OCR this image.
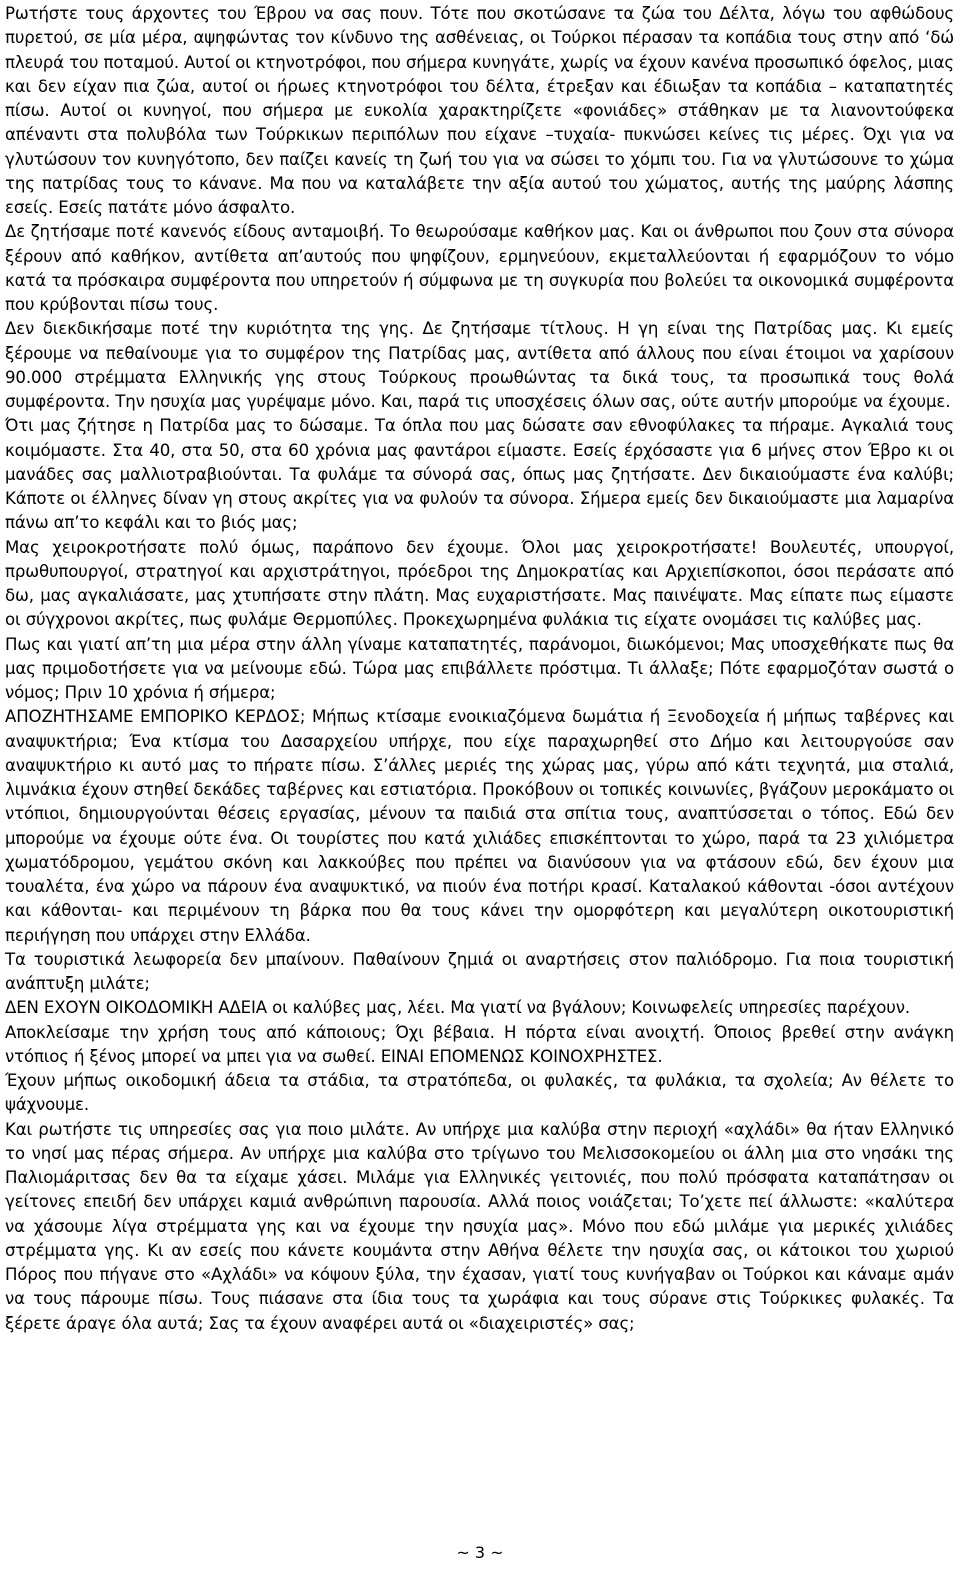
Ρωτήστε τους άρχοντες του Έβρου να σας πουν. Τότε που σκοτώσανε τα ζώα του Δέλτα, λόγω του αφθώδους πυρετού, σε μία μέρα, αψηφώντας τον κίνδυνο της ασθένειας, οι Τούρκοι πέρασαν τα κοπάδια τους στην από ‘δώ πλευρά του ποταμού. Αυτοί οι κτηνοτρόφοι, που σήμερα κυνηγάτε, χωρίς να έχουν κανένα προσωπικό όφελος, μιας και δεν είχαν πια ζώα, αυτοί οι ήρωες κτηνοτρόφοι του δέλτα, έτρεξαν και έδιωξαν τα κοπάδια – καταπατητές πίσω. Αυτοί οι κυνηγοί, που σήμερα με ευκολία χαρακτηρίζετε «φονιάδες» στάθηκαν με τα λιανοντούφεκα απέναντι στα πολυβόλα των Τούρκικων περιπόλων που είχανε –τυχαία- πυκνώσει κείνες τις μέρες. Όχι για να γλυτώσουν τον κυνηγότοπο, δεν παίζει κανείς τη ζωή του για να σώσει το χόμπι του. Για να γλυτώσουνε το χώμα της πατρίδας τους το κάνανε. Μα που να καταλάβετε την αξία αυτού του χώματος, αυτής της μαύρης λάσπης εσείς. Εσείς πατάτε μόνο άσφαλτο.

Δε ζητήσαμε ποτέ κανενός είδους ανταμοιβή. Το θεωρούσαμε καθήκον μας. Και οι άνθρωποι που ζουν στα σύνορα ξέρουν από καθήκον, αντίθετα απ’αυτούς που ψηφίζουν, ερμηνεύουν, εκμεταλλεύονται ή εφαρμόζουν το νόμο κατά τα πρόσκαιρα συμφέροντα που υπηρετούν ή σύμφωνα με τη συγκυρία που βολεύει τα οικονομικά συμφέροντα που κρύβονται πίσω τους.

Δεν διεκδικήσαμε ποτέ την κυριότητα της γης. Δε ζητήσαμε τίτλους. Η γη είναι της Πατρίδας μας. Κι εμείς ξέρουμε να πεθαίνουμε για το συμφέρον της Πατρίδας μας, αντίθετα από άλλους που είναι έτοιμοι να χαρίσουν 90.000 στρέμματα Ελληνικής γης στους Τούρκους προωθώντας τα δικά τους, τα προσωπικά τους θολά συμφέροντα. Την ησυχία μας γυρέψαμε μόνο. Και, παρά τις υποσχέσεις όλων σας, ούτε αυτήν μπορούμε να έχουμε.

Ότι μας ζήτησε η Πατρίδα μας το δώσαμε. Τα όπλα που μας δώσατε σαν εθνοφύλακες τα πήραμε. Αγκαλιά τους κοιμόμαστε. Στα 40, στα 50, στα 60 χρόνια μας φαντάροι είμαστε. Εσείς έρχόσαστε για 6 μήνες στον Έβρο κι οι μανάδες σας μαλλιοτραβιούνται. Τα φυλάμε τα σύνορά σας, όπως μας ζητήσατε. Δεν δικαιούμαστε ένα καλύβι; Κάποτε οι έλληνες δίναν γη στους ακρίτες για να φυλούν τα σύνορα. Σήμερα εμείς δεν δικαιούμαστε μια λαμαρίνα πάνω απ’το κεφάλι και το βιός μας;

Μας χειροκροτήσατε πολύ όμως, παράπονο δεν έχουμε. Όλοι μας χειροκροτήσατε! Βουλευτές, υπουργοί, πρωθυπουργοί, στρατηγοί και αρχιστράτηγοι, πρόεδροι της Δημοκρατίας και Αρχιεπίσκοποι, όσοι περάσατε από δω, μας αγκαλιάσατε, μας χτυπήσατε στην πλάτη. Μας ευχαριστήσατε. Μας παινέψατε. Μας είπατε πως είμαστε οι σύγχρονοι ακρίτες, πως φυλάμε Θερμοπύλες. Προκεχωρημένα φυλάκια τις είχατε ονομάσει τις καλύβες μας.

Πως και γιατί απ’τη μια μέρα στην άλλη γίναμε καταπατητές, παράνομοι, διωκόμενοι; Μας υποσχεθήκατε πως θα μας πριμοδοτήσετε για να μείνουμε εδώ. Τώρα μας επιβάλλετε πρόστιμα. Τι άλλαξε; Πότε εφαρμοζόταν σωστά ο νόμος; Πριν 10 χρόνια ή σήμερα;

ΑΠΟΖΗΤΗΣΑΜΕ ΕΜΠΟΡΙΚΟ ΚΕΡΔΟΣ; Μήπως κτίσαμε ενοικιαζόμενα δωμάτια ή Ξενοδοχεία ή μήπως ταβέρνες και αναψυκτήρια; Ένα κτίσμα του Δασαρχείου υπήρχε, που είχε παραχωρηθεί στο Δήμο και λειτουργούσε σαν αναψυκτήριο κι αυτό μας το πήρατε πίσω. Σ’άλλες μεριές της χώρας μας, γύρω από κάτι τεχνητά, μια σταλιά, λιμνάκια έχουν στηθεί δεκάδες ταβέρνες και εστιατόρια. Προκόβουν οι τοπικές κοινωνίες, βγάζουν μεροκάματο οι ντόπιοι, δημιουργούνται θέσεις εργασίας, μένουν τα παιδιά στα σπίτια τους, αναπτύσσεται ο τόπος. Εδώ δεν μπορούμε να έχουμε ούτε ένα. Οι τουρίστες που κατά χιλιάδες επισκέπτονται το χώρο, παρά τα 23 χιλιόμετρα χωματόδρομου, γεμάτου σκόνη και λακκούβες που πρέπει να διανύσουν για να φτάσουν εδώ, δεν έχουν μια τουαλέτα, ένα χώρο να πάρουν ένα αναψυκτικό, να πιούν ένα ποτήρι κρασί. Καταλακού κάθονται -όσοι αντέχουν και κάθονται- και περιμένουν τη βάρκα που θα τους κάνει την ομορφότερη και μεγαλύτερη οικοτουριστική περιήγηση που υπάρχει στην Ελλάδα.

Τα τουριστικά λεωφορεία δεν μπαίνουν. Παθαίνουν ζημιά οι αναρτήσεις στον παλιόδρομο. Για ποια τουριστική ανάπτυξη μιλάτε;

ΔΕΝ ΕΧΟΥΝ ΟΙΚΟΔΟΜΙΚΗ ΑΔΕΙΑ οι καλύβες μας, λέει. Μα γιατί να βγάλουν; Κοινωφελείς υπηρεσίες παρέχουν.

Αποκλείσαμε την χρήση τους από κάποιους; Όχι βέβαια. Η πόρτα είναι ανοιχτή. Όποιος βρεθεί στην ανάγκη ντόπιος ή ξένος μπορεί να μπει για να σωθεί. ΕΙΝΑΙ ΕΠΟΜΕΝΩΣ ΚΟΙΝΟΧΡΗΣΤΕΣ.

Έχουν μήπως οικοδομική άδεια τα στάδια, τα στρατόπεδα, οι φυλακές, τα φυλάκια, τα σχολεία; Αν θέλετε το ψάχνουμε.

Και ρωτήστε τις υπηρεσίες σας για ποιο μιλάτε. Αν υπήρχε μια καλύβα στην περιοχή «αχλάδι» θα ήταν Ελληνικό το νησί μας πέρας σήμερα. Αν υπήρχε μια καλύβα στο τρίγωνο του Μελισσοκομείου οι άλλη μια στο νησάκι της Παλιομάριτσας δεν θα τα είχαμε χάσει. Μιλάμε για Ελληνικές γειτονιές, που πολύ πρόσφατα καταπάτησαν οι γείτονες επειδή δεν υπάρχει καμιά ανθρώπινη παρουσία. Αλλά ποιος νοιάζεται; Το’χετε πεί άλλωστε: «καλύτερα να χάσουμε λίγα στρέμματα γης και να έχουμε την ησυχία μας». Μόνο που εδώ μιλάμε για μερικές χιλιάδες στρέμματα γης. Κι αν εσείς που κάνετε κουμάντα στην Αθήνα θέλετε την ησυχία σας, οι κάτοικοι του χωριού Πόρος που πήγανε στο «Αχλάδι» να κόψουν ξύλα, την έχασαν, γιατί τους κυνήγαβαν οι Τούρκοι και κάναμε αμάν να τους πάρουμε πίσω. Τους πιάσανε στα ίδια τους τα χωράφια και τους σύρανε στις Τούρκικες φυλακές. Τα ξέρετε άραγε όλα αυτά; Σας τα έχουν αναφέρει αυτά οι «διαχειριστές» σας;

~ 3 ~
